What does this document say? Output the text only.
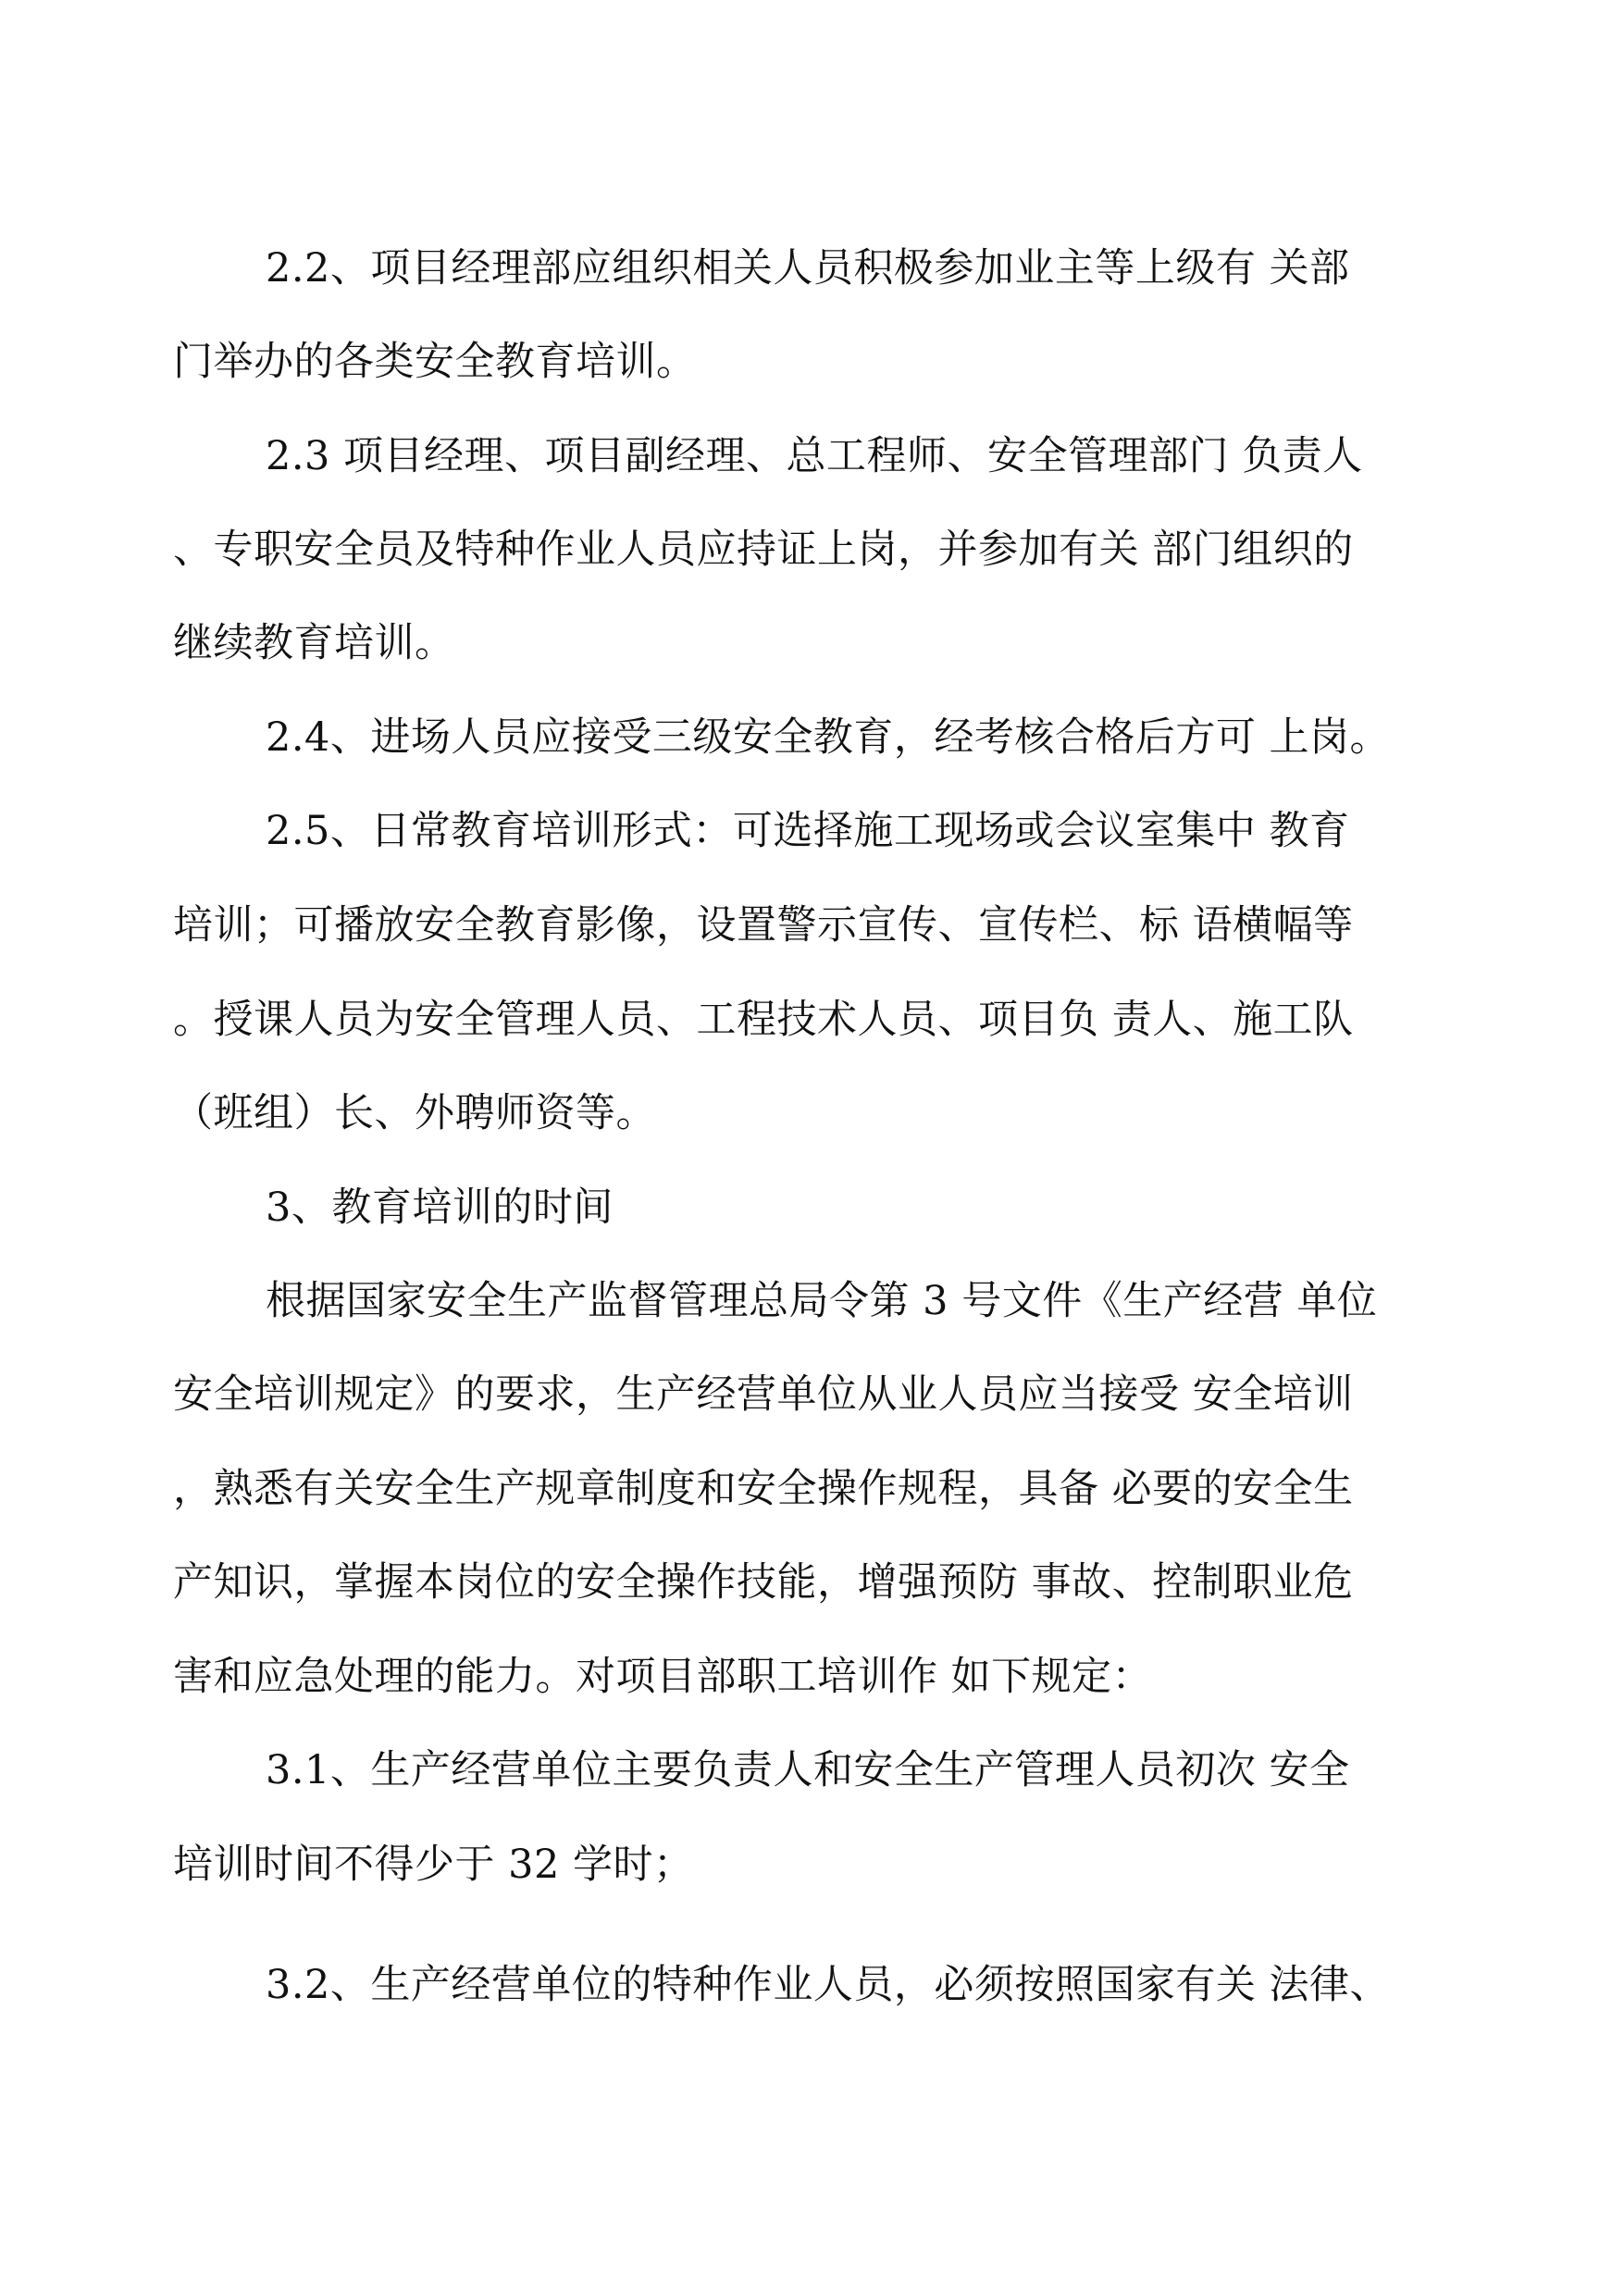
2.2、项目经理部应组织相关人员积极参加业主等上级有 关部
门举办的各类安全教育培训。
2.3 项目经理、项目副经理、总工程师、安全管理部门 负责人
、专职安全员及特种作业人员应持证上岗，并参加有关 部门组织的
继续教育培训。
2.4、进场人员应接受三级安全教育，经考核合格后方可 上岗。
2.5、日常教育培训形式：可选择施工现场或会议室集中 教育
培训；可播放安全教育影像，设置警示宣传、宣传栏、标 语横幅等
。授课人员为安全管理人员、工程技术人员、项目负 责人、施工队
（班组）长、外聘师资等。
3、教育培训的时间
根据国家安全生产监督管理总局令第 3 号文件《生产经营 单位
安全培训规定》的要求，生产经营单位从业人员应当接受 安全培训
，熟悉有关安全生产规章制度和安全操作规程，具备 必要的安全生
产知识，掌握本岗位的安全操作技能，增强预防 事故、控制职业危
害和应急处理的能力。对项目部职工培训作 如下规定：
3.1、生产经营单位主要负责人和安全生产管理人员初次 安全
培训时间不得少于 32 学时；
3.2、生产经营单位的特种作业人员，必须按照国家有关 法律、
